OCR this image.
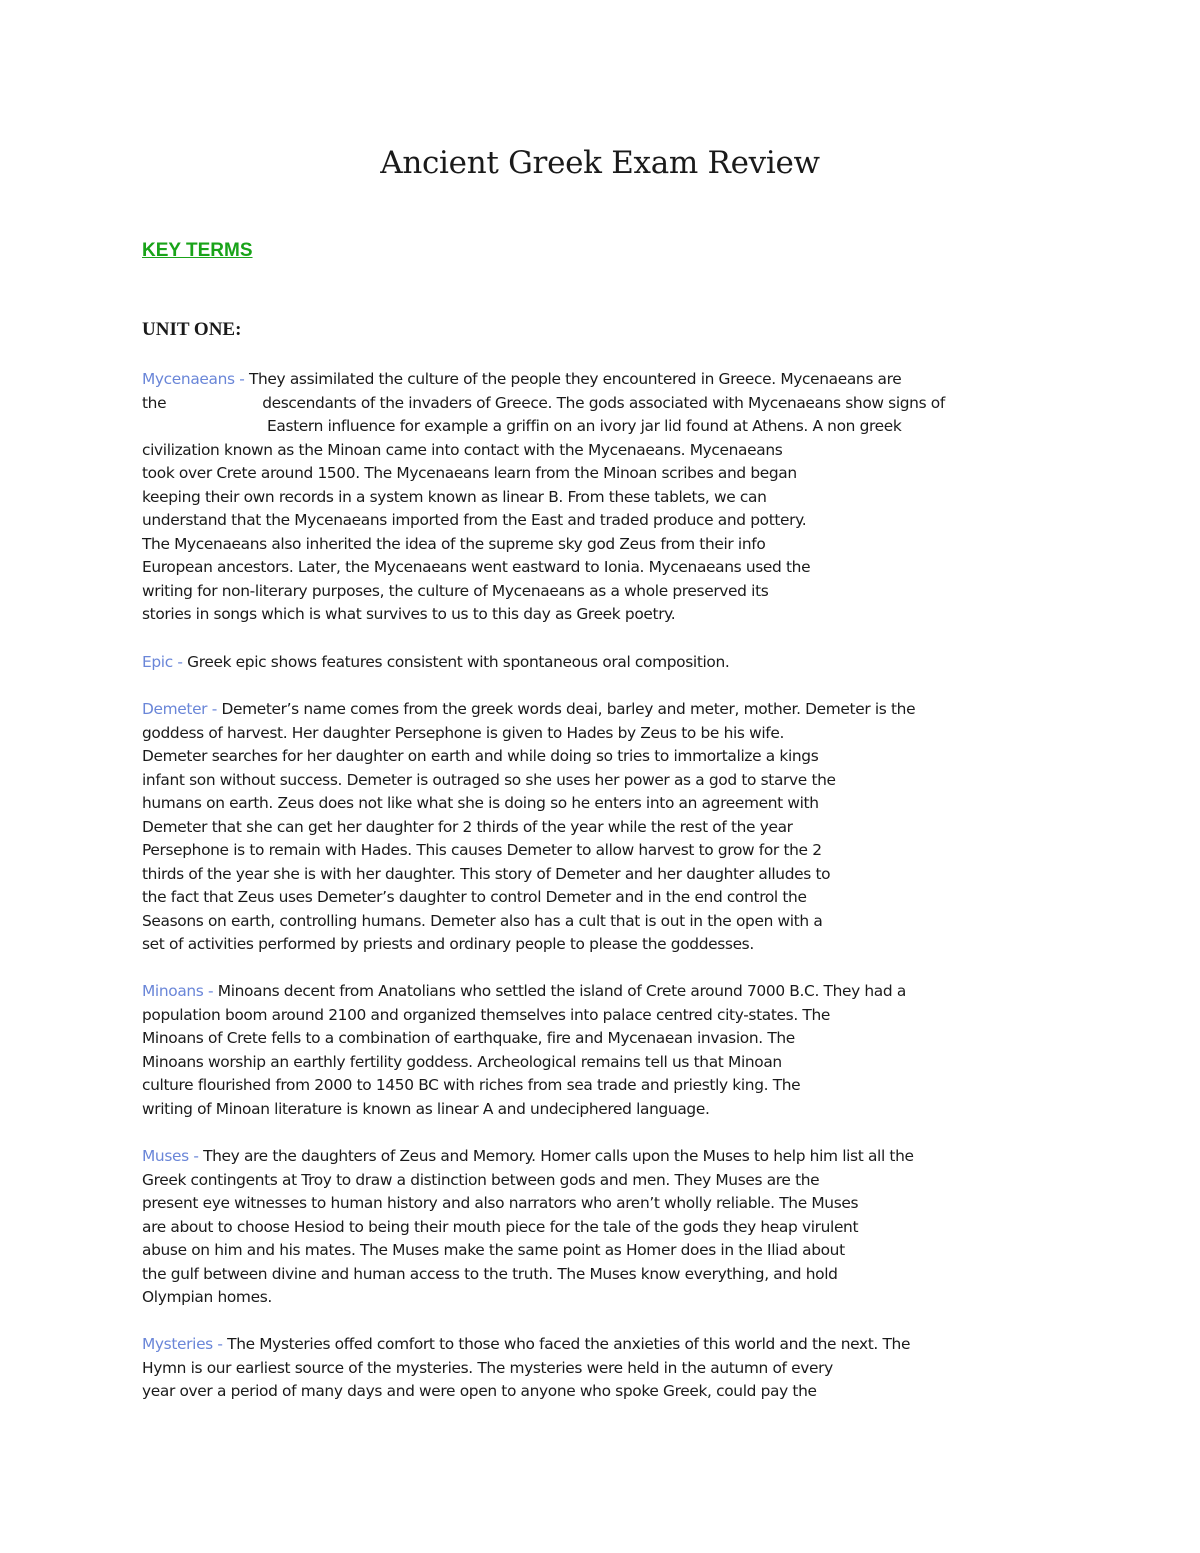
Ancient Greek Exam Review
KEY TERMS
UNIT ONE:
Mycenaeans - They assimilated the culture of the people they encountered in Greece. Mycenaeans are
the	descendants of the invaders of Greece. The gods associated with Mycenaeans show signs of
Eastern influence for example a griffin on an ivory jar lid found at Athens. A non greek
civilization known as the Minoan came into contact with the Mycenaeans. Mycenaeans
took over Crete around 1500. The Mycenaeans learn from the Minoan scribes and began
keeping their own records in a system known as linear B. From these tablets, we can
understand that the Mycenaeans imported from the East and traded produce and pottery.
The Mycenaeans also inherited the idea of the supreme sky god Zeus from their info
European ancestors. Later, the Mycenaeans went eastward to Ionia. Mycenaeans used the
writing for non-literary purposes, the culture of Mycenaeans as a whole preserved its
stories in songs which is what survives to us to this day as Greek poetry.
Epic - Greek epic shows features consistent with spontaneous oral composition.
Demeter - Demeter’s name comes from the greek words deai, barley and meter, mother. Demeter is the
goddess of harvest. Her daughter Persephone is given to Hades by Zeus to be his wife.
Demeter searches for her daughter on earth and while doing so tries to immortalize a kings
infant son without success. Demeter is outraged so she uses her power as a god to starve the
humans on earth. Zeus does not like what she is doing so he enters into an agreement with
Demeter that she can get her daughter for 2 thirds of the year while the rest of the year
Persephone is to remain with Hades. This causes Demeter to allow harvest to grow for the 2
thirds of the year she is with her daughter. This story of Demeter and her daughter alludes to
the fact that Zeus uses Demeter’s daughter to control Demeter and in the end control the
Seasons on earth, controlling humans. Demeter also has a cult that is out in the open with a
set of activities performed by priests and ordinary people to please the goddesses.
Minoans - Minoans decent from Anatolians who settled the island of Crete around 7000 B.C. They had a
population boom around 2100 and organized themselves into palace centred city-states. The
Minoans of Crete fells to a combination of earthquake, fire and Mycenaean invasion. The
Minoans worship an earthly fertility goddess. Archeological remains tell us that Minoan
culture flourished from 2000 to 1450 BC with riches from sea trade and priestly king. The
writing of Minoan literature is known as linear A and undeciphered language.
Muses - They are the daughters of Zeus and Memory. Homer calls upon the Muses to help him list all the
Greek contingents at Troy to draw a distinction between gods and men. They Muses are the
present eye witnesses to human history and also narrators who aren’t wholly reliable. The Muses
are about to choose Hesiod to being their mouth piece for the tale of the gods they heap virulent
abuse on him and his mates. The Muses make the same point as Homer does in the Iliad about
the gulf between divine and human access to the truth. The Muses know everything, and hold
Olympian homes.
Mysteries - The Mysteries offed comfort to those who faced the anxieties of this world and the next. The
Hymn is our earliest source of the mysteries. The mysteries were held in the autumn of every
year over a period of many days and were open to anyone who spoke Greek, could pay the
